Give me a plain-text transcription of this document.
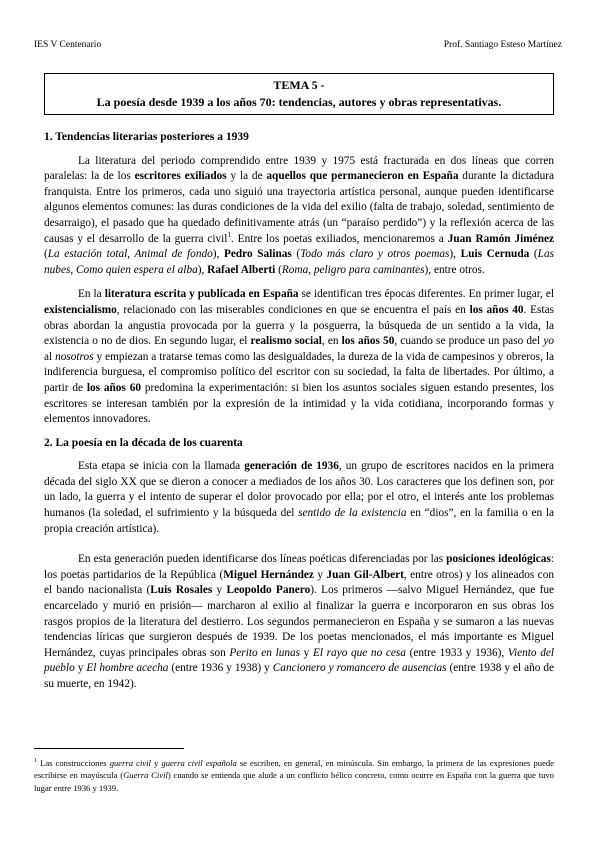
IES V Centenario	Prof. Santiago Esteso Martínez
TEMA 5 -
La poesía desde 1939 a los años 70: tendencias, autores y obras representativas.
1. Tendencias literarias posteriores a 1939

La literatura del periodo comprendido entre 1939 y 1975 está fracturada en dos líneas que corren paralelas: la de los escritores exiliados y la de aquellos que permanecieron en España durante la dictadura franquista. Entre los primeros, cada uno siguió una trayectoria artística personal, aunque pueden identificarse algunos elementos comunes: las duras condiciones de la vida del exilio (falta de trabajo, soledad, sentimiento de desarraigo), el pasado que ha quedado definitivamente atrás (un “paraíso perdido”) y la reflexión acerca de las causas y el desarrollo de la guerra civil$^1$. Entre los poetas exiliados, mencionaremos a Juan Ramón Jiménez (La estación total, Animal de fondo), Pedro Salinas (Todo más claro y otros poemas), Luis Cernuda (Las nubes, Como quien espera el alba), Rafael Alberti (Roma, peligro para caminantes), entre otros.

En la literatura escrita y publicada en España se identifican tres épocas diferentes. En primer lugar, el existencialismo, relacionado con las miserables condiciones en que se encuentra el país en los años 40. Estas obras abordan la angustia provocada por la guerra y la posguerra, la búsqueda de un sentido a la vida, la existencia o no de dios. En segundo lugar, el realismo social, en los años 50, cuando se produce un paso del yo al nosotros y empiezan a tratarse temas como las desigualdades, la dureza de la vida de campesinos y obreros, la indiferencia burguesa, el compromiso político del escritor con su sociedad, la falta de libertades. Por último, a partir de los años 60 predomina la experimentación: si bien los asuntos sociales siguen estando presentes, los escritores se interesan también por la expresión de la intimidad y la vida cotidiana, incorporando formas y elementos innovadores.

2. La poesía en la década de los cuarenta

Esta etapa se inicia con la llamada generación de 1936, un grupo de escritores nacidos en la primera década del siglo XX que se dieron a conocer a mediados de los años 30. Los caracteres que los definen son, por un lado, la guerra y el intento de superar el dolor provocado por ella; por el otro, el interés ante los problemas humanos (la soledad, el sufrimiento y la búsqueda del sentido de la existencia en “dios”, en la familia o en la propia creación artística).

En esta generación pueden identificarse dos líneas poéticas diferenciadas por las posiciones ideológicas: los poetas partidarios de la República (Miguel Hernández y Juan Gil-Albert, entre otros) y los alineados con el bando nacionalista (Luis Rosales y Leopoldo Panero). Los primeros —salvo Miguel Hernández, que fue encarcelado y murió en prisión— marcharon al exilio al finalizar la guerra e incorporaron en sus obras los rasgos propios de la literatura del destierro. Los segundos permanecieron en España y se sumaron a las nuevas tendencias líricas que surgieron después de 1939. De los poetas mencionados, el más importante es Miguel Hernández, cuyas principales obras son Perito en lunas y El rayo que no cesa (entre 1933 y 1936), Viento del pueblo y El hombre acecha (entre 1936 y 1938) y Cancionero y romancero de ausencias (entre 1938 y el año de su muerte, en 1942).

$^1$ Las construcciones guerra civil y guerra civil española se escriben, en general, en minúscula. Sin embargo, la primera de las expresiones puede escribirse en mayúscula (Guerra Civil) cuando se entienda que alude a un conflicto bélico concreto, como ocurre en España con la guerra que tuvo lugar entre 1936 y 1939.
